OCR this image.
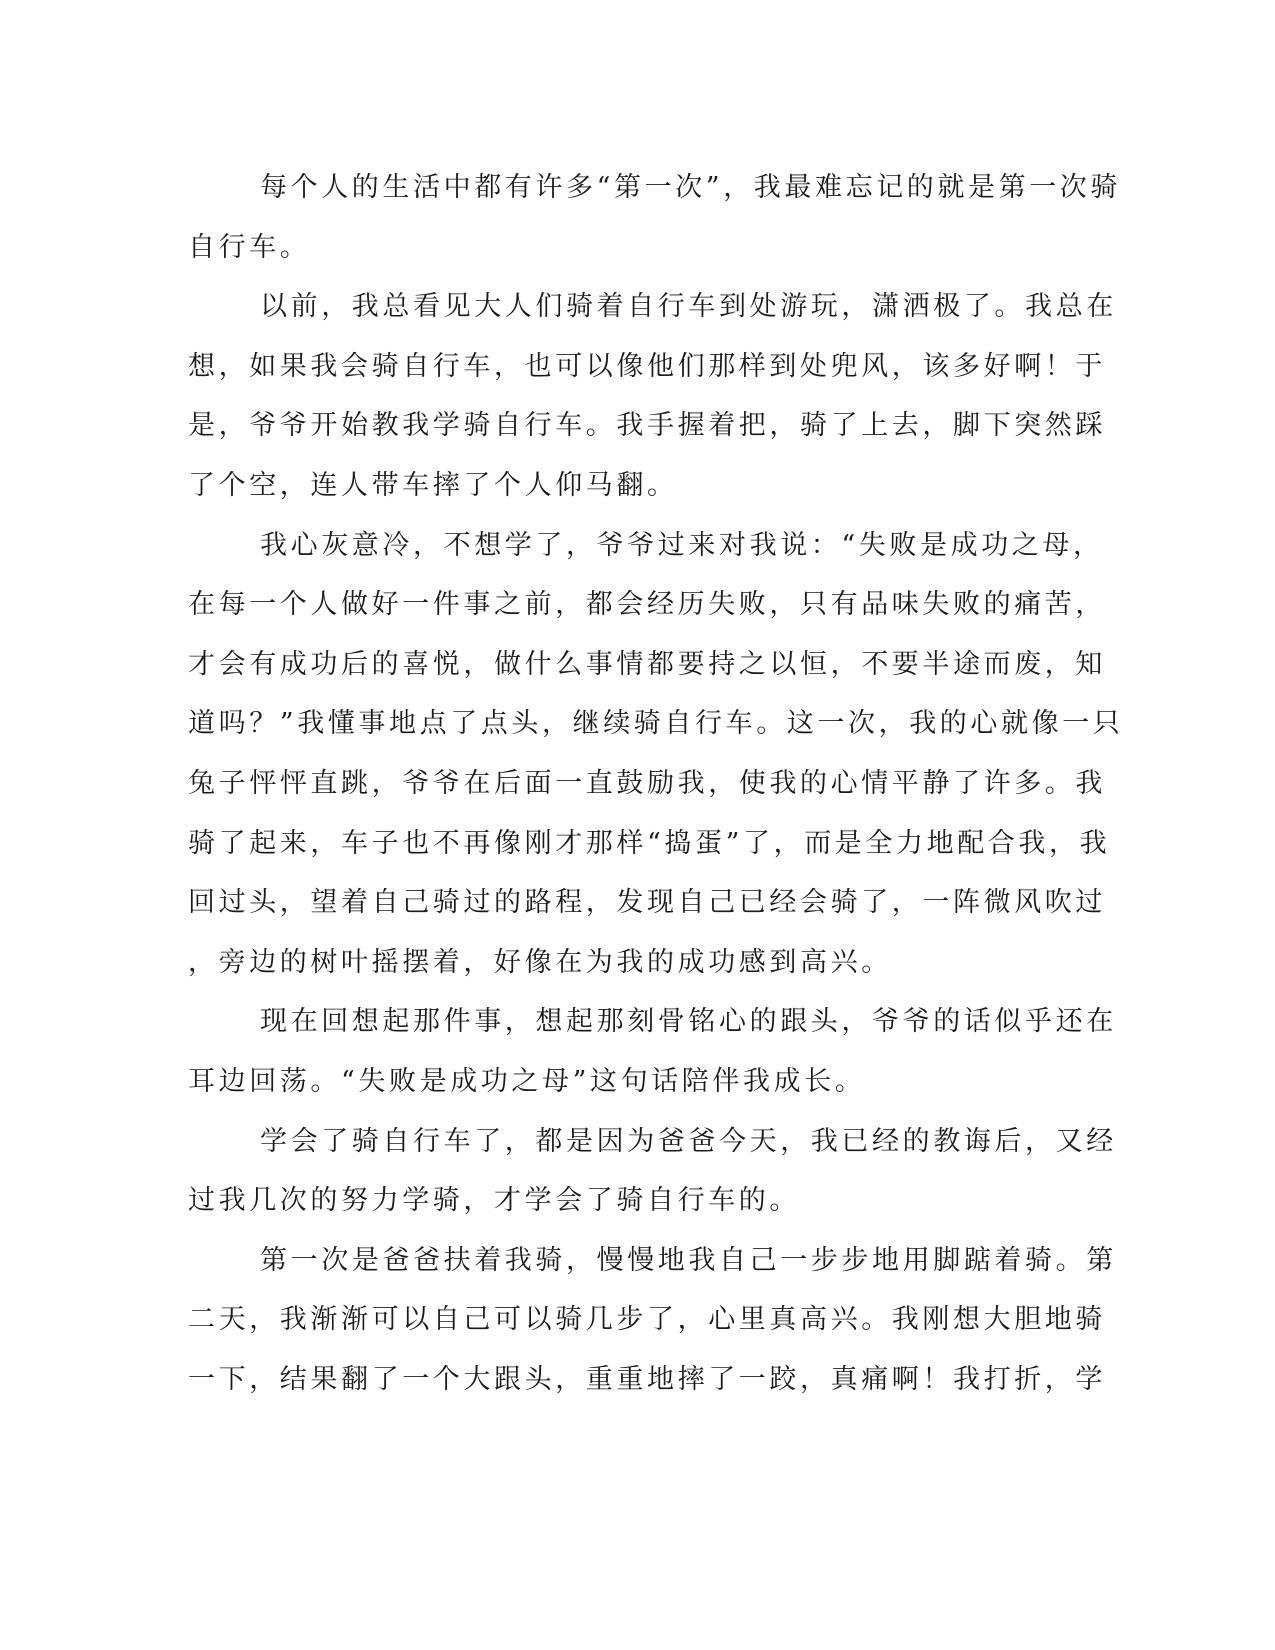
每个人的生活中都有许多“第一次”，我最难忘记的就是第一次骑
自行车。
以前，我总看见大人们骑着自行车到处游玩，潇洒极了。我总在
想，如果我会骑自行车，也可以像他们那样到处兜风，该多好啊！于
是，爷爷开始教我学骑自行车。我手握着把，骑了上去，脚下突然踩
了个空，连人带车摔了个人仰马翻。
我心灰意冷，不想学了，爷爷过来对我说：“失败是成功之母，
在每一个人做好一件事之前，都会经历失败，只有品味失败的痛苦，
才会有成功后的喜悦，做什么事情都要持之以恒，不要半途而废，知
道吗？”我懂事地点了点头，继续骑自行车。这一次，我的心就像一只
兔子怦怦直跳，爷爷在后面一直鼓励我，使我的心情平静了许多。我
骑了起来，车子也不再像刚才那样“捣蛋”了，而是全力地配合我，我
回过头，望着自己骑过的路程，发现自己已经会骑了，一阵微风吹过
，旁边的树叶摇摆着，好像在为我的成功感到高兴。
现在回想起那件事，想起那刻骨铭心的跟头，爷爷的话似乎还在
耳边回荡。“失败是成功之母”这句话陪伴我成长。
学会了骑自行车了，都是因为爸爸今天，我已经的教诲后，又经
过我几次的努力学骑，才学会了骑自行车的。
第一次是爸爸扶着我骑，慢慢地我自己一步步地用脚踮着骑。第
二天，我渐渐可以自己可以骑几步了，心里真高兴。我刚想大胆地骑
一下，结果翻了一个大跟头，重重地摔了一跤，真痛啊！我打折，学
